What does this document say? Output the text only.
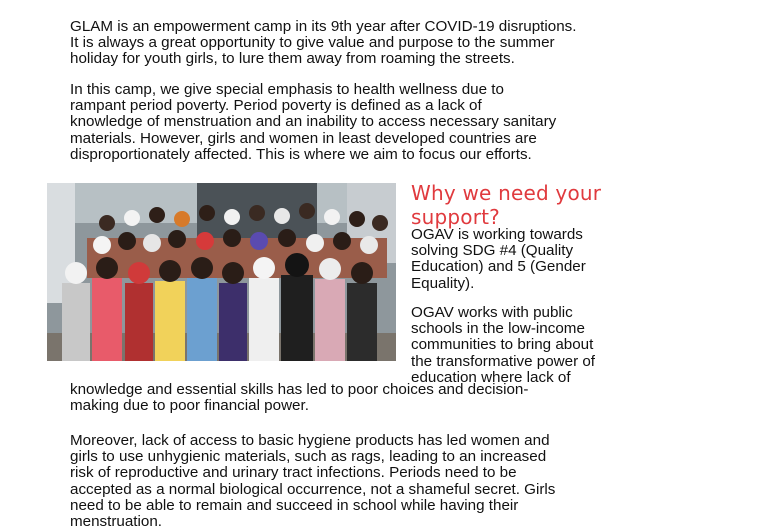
GLAM is an empowerment camp in its 9th year after COVID-19 disruptions.
It is always a great opportunity to give value and purpose to the summer
holiday for youth girls, to lure them away from roaming the streets.

In this camp, we give special emphasis to health wellness due to
rampant period poverty. Period poverty is defined as a lack of
knowledge of menstruation and an inability to access necessary sanitary
materials. However, girls and women in least developed countries are
disproportionately affected. This is where we aim to focus our efforts.

Why we need your
support?

OGAV is working towards
solving SDG #4 (Quality
Education) and 5 (Gender
Equality).

OGAV works with public
schools in the low-income
communities to bring about
the transformative power of
education where lack of

knowledge and essential skills has led to poor choices and decision-
making due to poor financial power.

Moreover, lack of access to basic hygiene products has led women and
girls to use unhygienic materials, such as rags, leading to an increased
risk of reproductive and urinary tract infections. Periods need to be
accepted as a normal biological occurrence, not a shameful secret. Girls
need to be able to remain and succeed in school while having their
menstruation.
